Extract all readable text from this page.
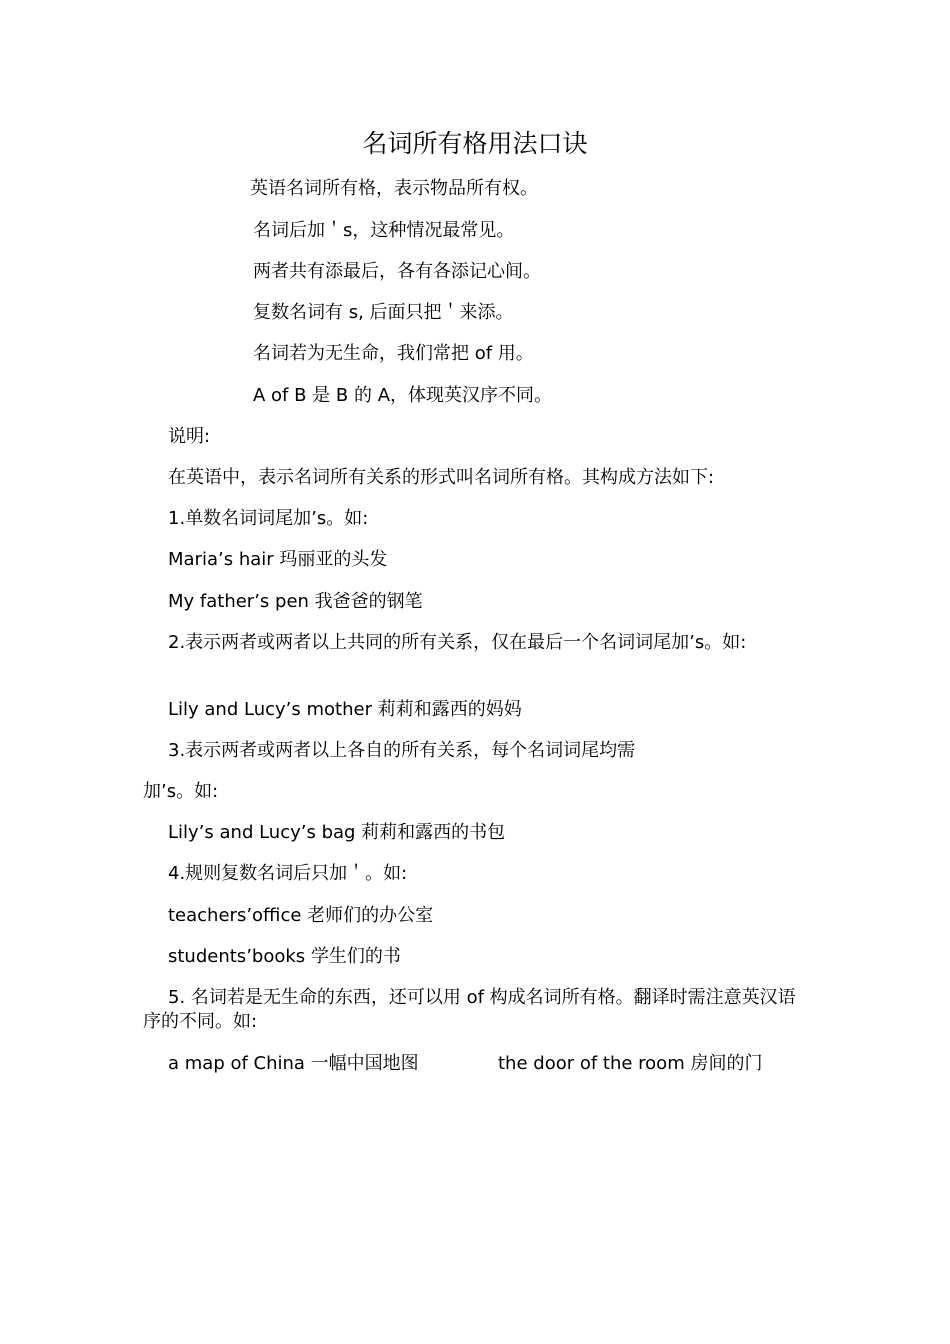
名词所有格用法口诀
英语名词所有格，表示物品所有权。
名词后加＇s，这种情况最常见。
两者共有添最后，各有各添记心间。
复数名词有 s, 后面只把＇来添。
名词若为无生命，我们常把 of 用。
A of B 是 B 的 A，体现英汉序不同。
说明:
在英语中，表示名词所有关系的形式叫名词所有格。其构成方法如下:
1.单数名词词尾加’s。如:
Maria’s hair 玛丽亚的头发
My father’s pen 我爸爸的钢笔
2.表示两者或两者以上共同的所有关系，仅在最后一个名词词尾加’s。如:
Lily and Lucy’s mother 莉莉和露西的妈妈
3.表示两者或两者以上各自的所有关系，每个名词词尾均需
加’s。如:
Lily’s and Lucy’s bag 莉莉和露西的书包
4.规则复数名词后只加＇。如:
teachers’office 老师们的办公室
students’books 学生们的书
5. 名词若是无生命的东西，还可以用 of 构成名词所有格。翻译时需注意英汉语序的不同。如:
a map of China 一幅中国地图	the door of the room 房间的门
